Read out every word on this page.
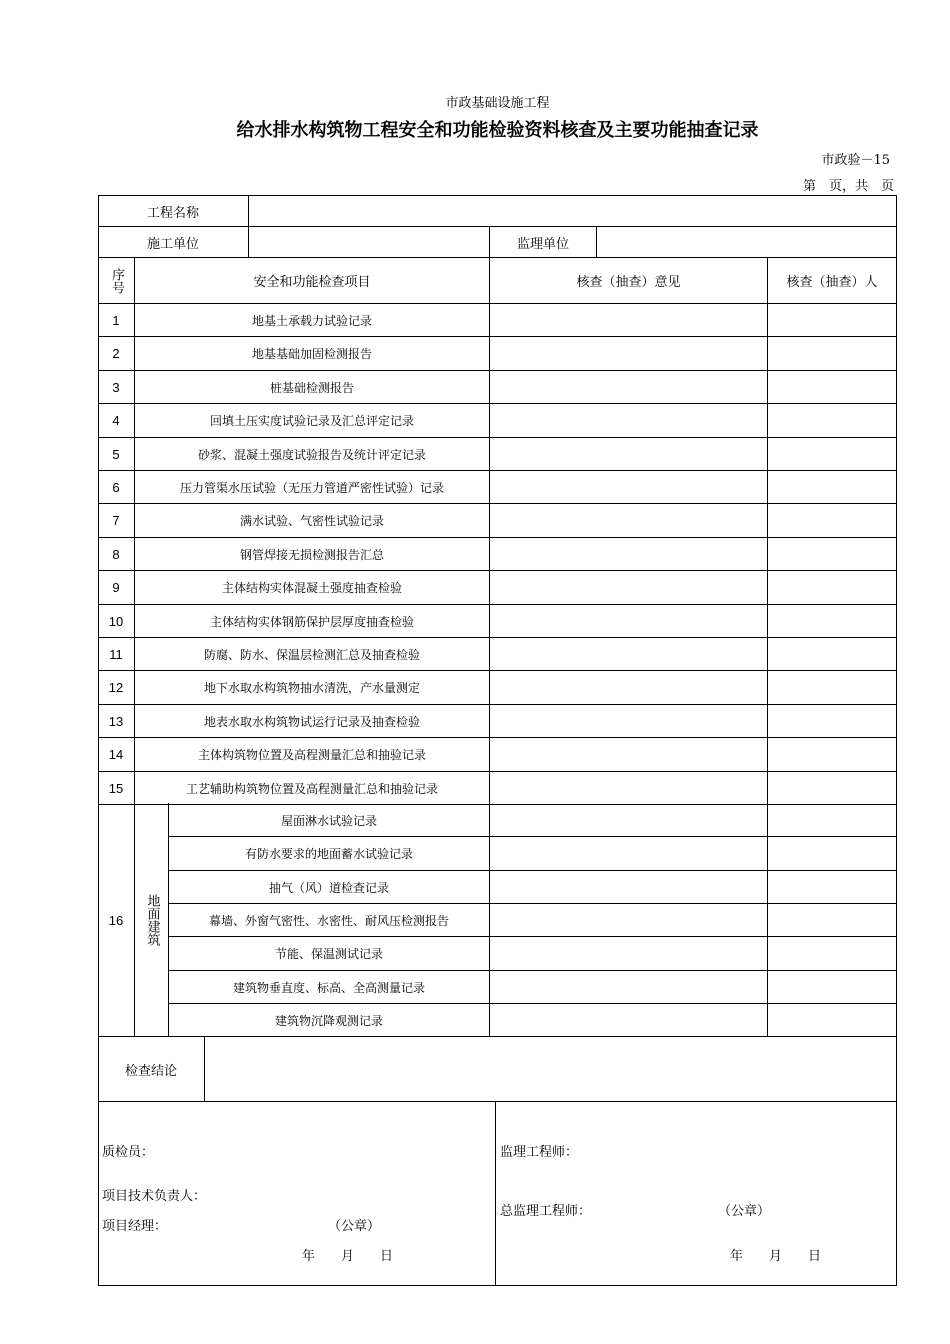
市政基础设施工程
给水排水构筑物工程安全和功能检验资料核查及主要功能抽查记录
市政验－15
第　页，共　页
工程名称
施工单位	监理单位
序号	安全和功能检查项目	核查（抽查）意见	核查（抽查）人
1	地基土承载力试验记录
2	地基基础加固检测报告
3	桩基础检测报告
4	回填土压实度试验记录及汇总评定记录
5	砂浆、混凝土强度试验报告及统计评定记录
6	压力管渠水压试验（无压力管道严密性试验）记录
7	满水试验、气密性试验记录
8	钢管焊接无损检测报告汇总
9	主体结构实体混凝土强度抽查检验
10	主体结构实体钢筋保护层厚度抽查检验
11	防腐、防水、保温层检测汇总及抽查检验
12	地下水取水构筑物抽水清洗，产水量测定
13	地表水取水构筑物试运行记录及抽查检验
14	主体构筑物位置及高程测量汇总和抽验记录
15	工艺辅助构筑物位置及高程测量汇总和抽验记录
16	地面建筑
屋面淋水试验记录
有防水要求的地面蓄水试验记录
抽气（风）道检查记录
幕墙、外窗气密性、水密性、耐风压检测报告
节能、保温测试记录
建筑物垂直度、标高、全高测量记录
建筑物沉降观测记录
检查结论
质检员：
项目技术负责人：
项目经理：	（公章）
年　　月　　日
监理工程师：
总监理工程师：	（公章）
年　　月　　日
